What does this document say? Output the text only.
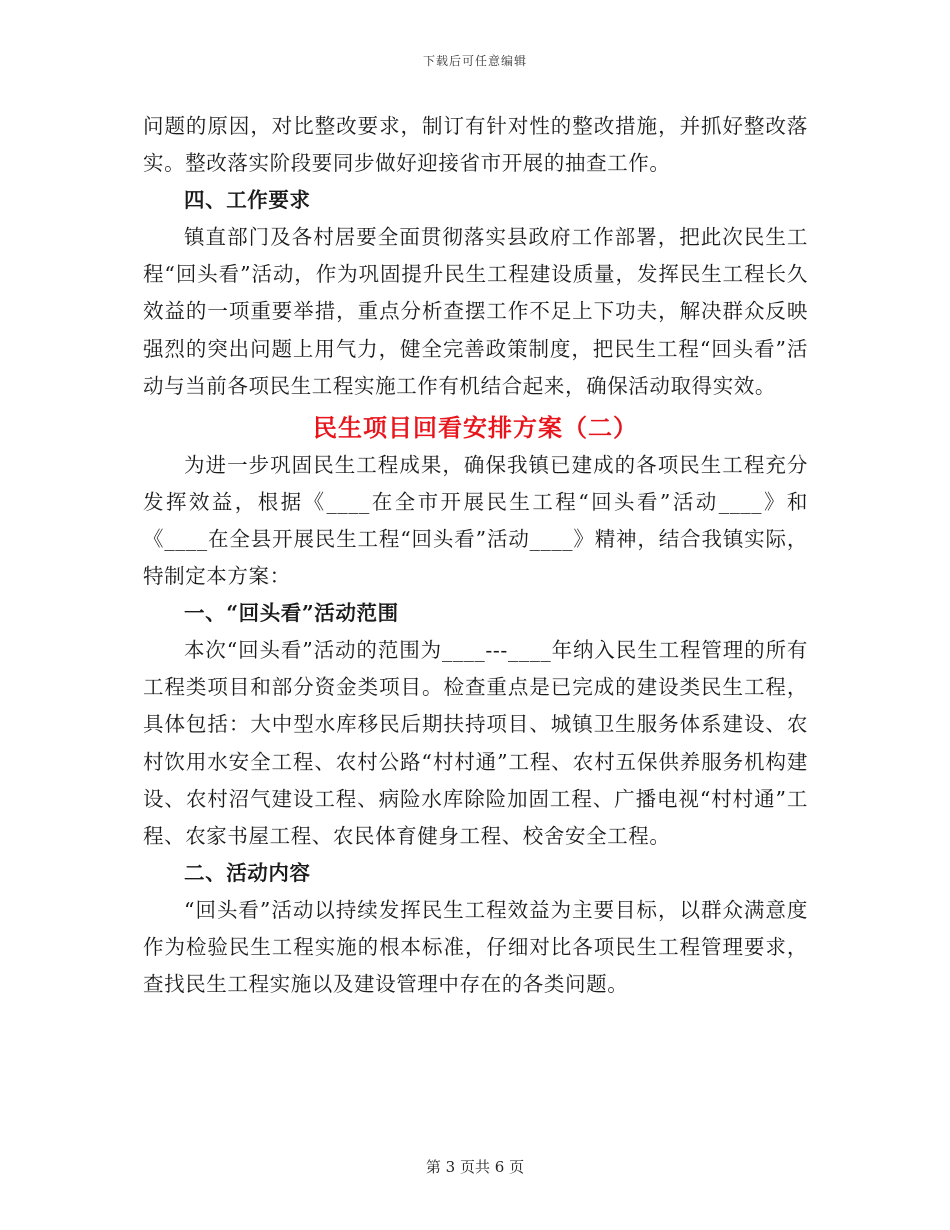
下载后可任意编辑

问题的原因，对比整改要求，制订有针对性的整改措施，并抓好整改落实。整改落实阶段要同步做好迎接省市开展的抽查工作。

四、工作要求

镇直部门及各村居要全面贯彻落实县政府工作部署，把此次民生工程“回头看”活动，作为巩固提升民生工程建设质量，发挥民生工程长久效益的一项重要举措，重点分析查摆工作不足上下功夫，解决群众反映强烈的突出问题上用气力，健全完善政策制度，把民生工程“回头看”活动与当前各项民生工程实施工作有机结合起来，确保活动取得实效。

民生项目回看安排方案（二）

为进一步巩固民生工程成果，确保我镇已建成的各项民生工程充分发挥效益，根据《____在全市开展民生工程“回头看”活动____》和《____在全县开展民生工程“回头看”活动____》精神，结合我镇实际，特制定本方案：

一、“回头看”活动范围

本次“回头看”活动的范围为____---____年纳入民生工程管理的所有工程类项目和部分资金类项目。检查重点是已完成的建设类民生工程，具体包括：大中型水库移民后期扶持项目、城镇卫生服务体系建设、农村饮用水安全工程、农村公路“村村通”工程、农村五保供养服务机构建设、农村沼气建设工程、病险水库除险加固工程、广播电视“村村通”工程、农家书屋工程、农民体育健身工程、校舍安全工程。

二、活动内容

“回头看”活动以持续发挥民生工程效益为主要目标，以群众满意度作为检验民生工程实施的根本标准，仔细对比各项民生工程管理要求，查找民生工程实施以及建设管理中存在的各类问题。

第 3 页共 6 页
